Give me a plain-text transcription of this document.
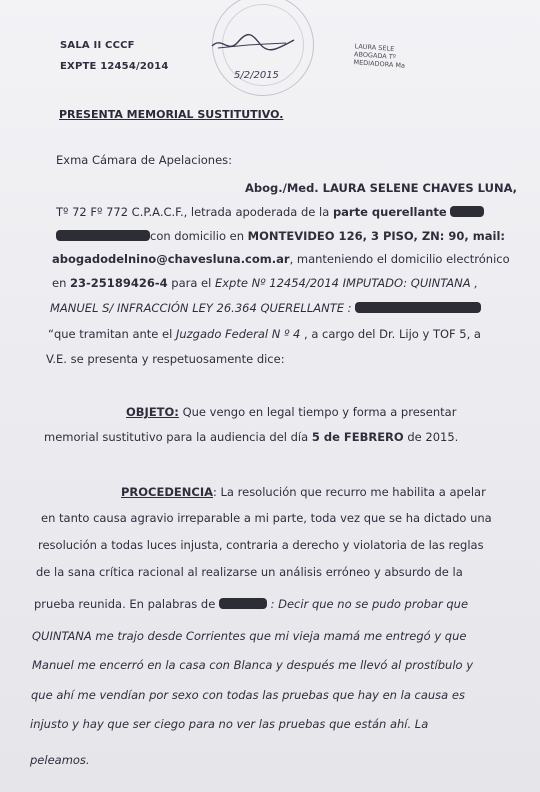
5/2/2015
LAURA SELE
ABOGADA Tº
MEDIADORA Ma
SALA II CCCF
EXPTE 12454/2014
PRESENTA MEMORIAL SUSTITUTIVO.
Exma Cámara de Apelaciones:
Abog./Med. LAURA SELENE CHAVES LUNA,
Tº 72 Fº 772 C.P.A.C.F., letrada apoderada de la parte querellante
con domicilio en MONTEVIDEO 126, 3 PISO, ZN: 90, mail:
abogadodelnino@chavesluna.com.ar, manteniendo el domicilio electrónico
en 23-25189426-4 para el Expte Nº 12454/2014 IMPUTADO: QUINTANA ,
MANUEL S/ INFRACCIÓN LEY 26.364 QUERELLANTE :
“que tramitan ante el Juzgado Federal N º 4 , a cargo del Dr. Lijo y TOF 5, a
V.E. se presenta y respetuosamente dice:
OBJETO: Que vengo en legal tiempo y forma a presentar
memorial sustitutivo para la audiencia del día 5 de FEBRERO de 2015.
PROCEDENCIA: La resolución que recurro me habilita a apelar
en tanto causa agravio irreparable a mi parte, toda vez que se ha dictado una
resolución a todas luces injusta, contraria a derecho y violatoria de las reglas
de la sana crítica racional al realizarse un análisis erróneo y absurdo de la
prueba reunida. En palabras de	: Decir que no se pudo probar que
QUINTANA me trajo desde Corrientes que mi vieja mamá me entregó y que
Manuel me encerró en la casa con Blanca y después me llevó al prostíbulo y
que ahí me vendían por sexo con todas las pruebas que hay en la causa es
injusto y hay que ser ciego para no ver las pruebas que están ahí. La
peleamos.
